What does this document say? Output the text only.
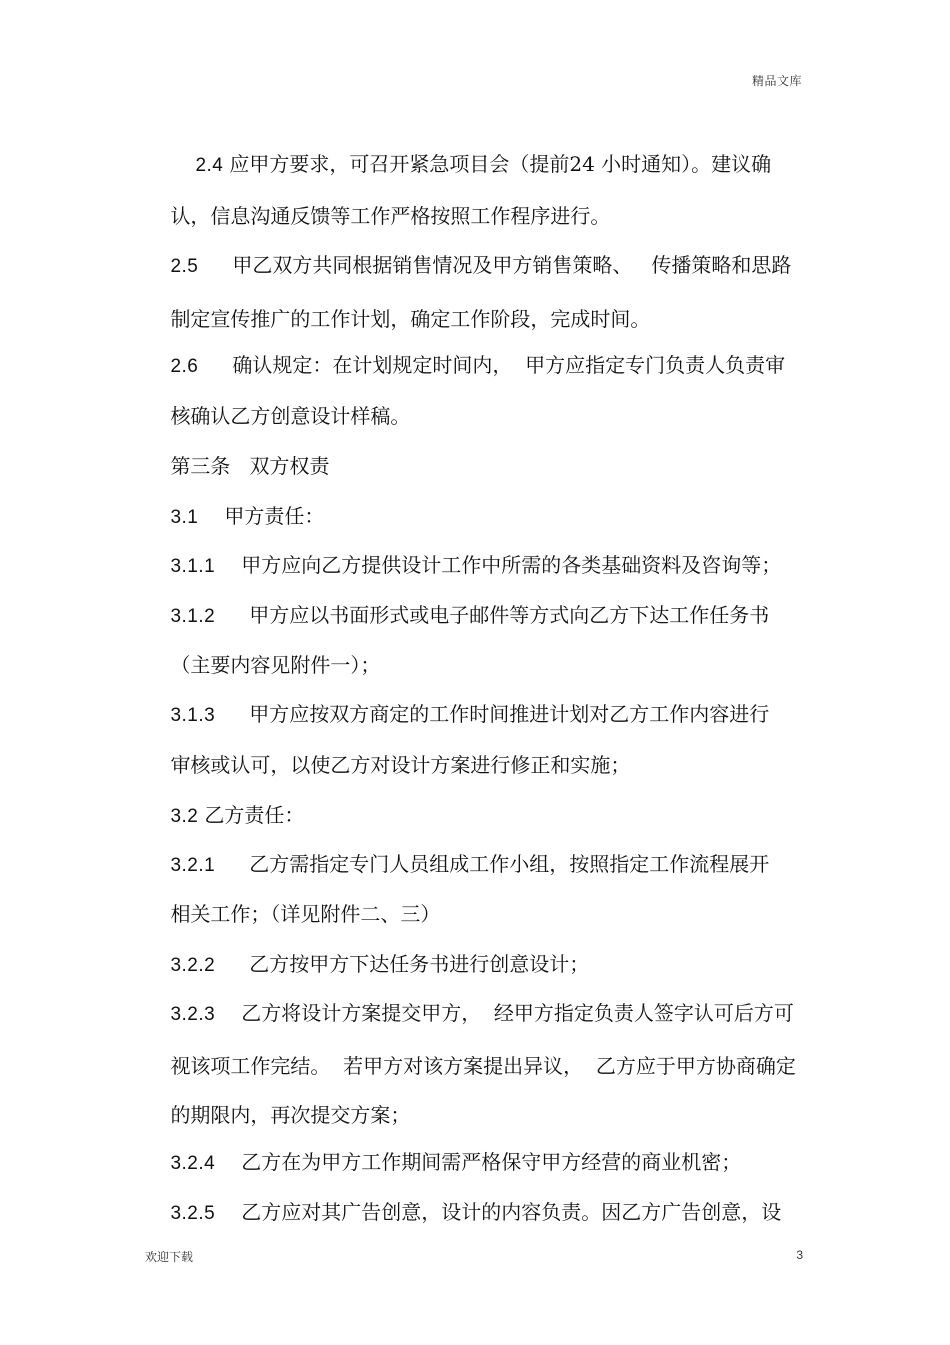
精品文库

2.4 应甲方要求，可召开紧急项目会（提前24 小时通知）。建议确

认，信息沟通反馈等工作严格按照工作程序进行。

2.5 甲乙双方共同根据销售情况及甲方销售策略、   传播策略和思路

制定宣传推广的工作计划，确定工作阶段，完成时间。

2.6 确认规定：在计划规定时间内，  甲方应指定专门负责人负责审

核确认乙方创意设计样稿。

第三条   双方权责

3.1 甲方责任：

3.1.1 甲方应向乙方提供设计工作中所需的各类基础资料及咨询等；

3.1.2 甲方应以书面形式或电子邮件等方式向乙方下达工作任务书

（主要内容见附件一）；

3.1.3 甲方应按双方商定的工作时间推进计划对乙方工作内容进行

审核或认可，以使乙方对设计方案进行修正和实施；

3.2 乙方责任：

3.2.1 乙方需指定专门人员组成工作小组，按照指定工作流程展开

相关工作；（详见附件二、三）

3.2.2 乙方按甲方下达任务书进行创意设计；

3.2.3 乙方将设计方案提交甲方，  经甲方指定负责人签字认可后方可

视该项工作完结。  若甲方对该方案提出异议，  乙方应于甲方协商确定

的期限内，再次提交方案；

3.2.4 乙方在为甲方工作期间需严格保守甲方经营的商业机密；

3.2.5 乙方应对其广告创意，设计的内容负责。因乙方广告创意，设

欢迎下载	3
